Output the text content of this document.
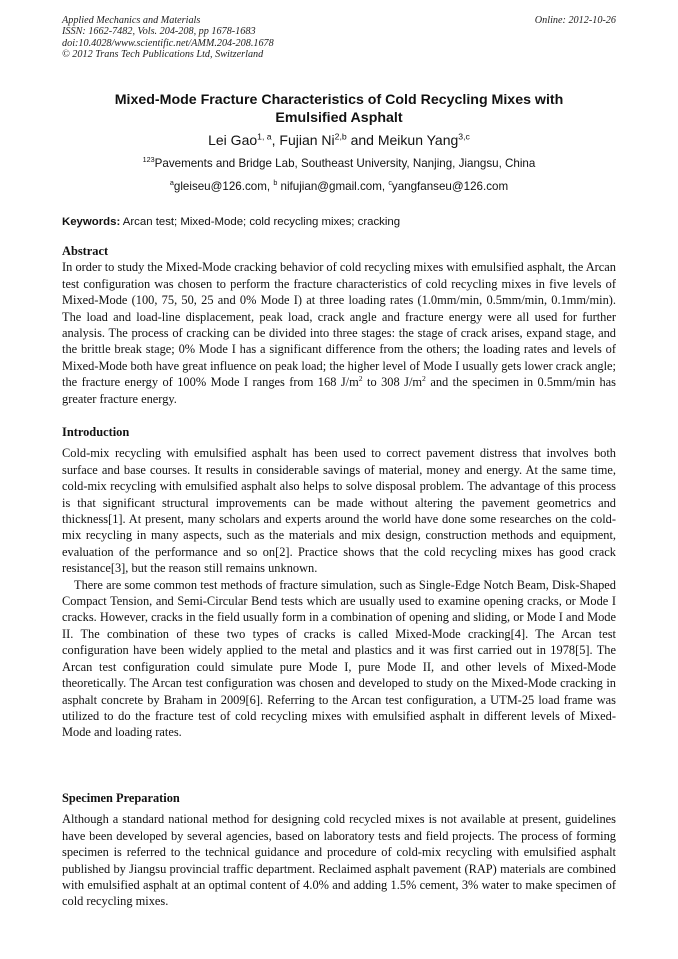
Applied Mechanics and Materials
ISSN: 1662-7482, Vols. 204-208, pp 1678-1683
doi:10.4028/www.scientific.net/AMM.204-208.1678
© 2012 Trans Tech Publications Ltd, Switzerland
Online: 2012-10-26
Mixed-Mode Fracture Characteristics of Cold Recycling Mixes with
Emulsified Asphalt
Lei Gao$^{1, a}$, Fujian Ni$^{2,b}$ and Meikun Yang$^{3,c}$
$^{123}$Pavements and Bridge Lab, Southeast University, Nanjing, Jiangsu, China
$^a$gleiseu@126.com, $^b$ nifujian@gmail.com, $^c$yangfanseu@126.com
Keywords: Arcan test; Mixed-Mode; cold recycling mixes; cracking
Abstract

In order to study the Mixed-Mode cracking behavior of cold recycling mixes with emulsified asphalt, the Arcan test configuration was chosen to perform the fracture characteristics of cold recycling mixes in five levels of Mixed-Mode (100, 75, 50, 25 and 0% Mode I) at three loading rates (1.0mm/min, 0.5mm/min, 0.1mm/min). The load and load-line displacement, peak load, crack angle and fracture energy were all used for further analysis. The process of cracking can be divided into three stages: the stage of crack arises, expand stage, and the brittle break stage; 0% Mode I has a significant difference from the others; the loading rates and levels of Mixed-Mode both have great influence on peak load; the higher level of Mode I usually gets lower crack angle; the fracture energy of 100% Mode I ranges from 168 $J/m^2$ to 308 $J/m^2$ and the specimen in 0.5mm/min has greater fracture energy.

Introduction

Cold-mix recycling with emulsified asphalt has been used to correct pavement distress that involves both surface and base courses. It results in considerable savings of material, money and energy. At the same time, cold-mix recycling with emulsified asphalt also helps to solve disposal problem. The advantage of this process is that significant structural improvements can be made without altering the pavement geometrics and thickness[1]. At present, many scholars and experts around the world have done some researches on the cold-mix recycling in many aspects, such as the materials and mix design, construction methods and equipment, evaluation of the performance and so on[2]. Practice shows that the cold recycling mixes has good crack resistance[3], but the reason still remains unknown.

There are some common test methods of fracture simulation, such as Single-Edge Notch Beam, Disk-Shaped Compact Tension, and Semi-Circular Bend tests which are usually used to examine opening cracks, or Mode I cracks. However, cracks in the field usually form in a combination of opening and sliding, or Mode I and Mode II. The combination of these two types of cracks is called Mixed-Mode cracking[4]. The Arcan test configuration have been widely applied to the metal and plastics and it was first carried out in 1978[5]. The Arcan test configuration could simulate pure Mode I, pure Mode II, and other levels of Mixed-Mode theoretically. The Arcan test configuration was chosen and developed to study on the Mixed-Mode cracking in asphalt concrete by Braham in 2009[6]. Referring to the Arcan test configuration, a UTM-25 load frame was utilized to do the fracture test of cold recycling mixes with emulsified asphalt in different levels of Mixed-Mode and loading rates.

Specimen Preparation

Although a standard national method for designing cold recycled mixes is not available at present, guidelines have been developed by several agencies, based on laboratory tests and field projects. The process of forming specimen is referred to the technical guidance and procedure of cold-mix recycling with emulsified asphalt published by Jiangsu provincial traffic department. Reclaimed asphalt pavement (RAP) materials are combined with emulsified asphalt at an optimal content of 4.0% and adding 1.5% cement, 3% water to make specimen of cold recycling mixes.
